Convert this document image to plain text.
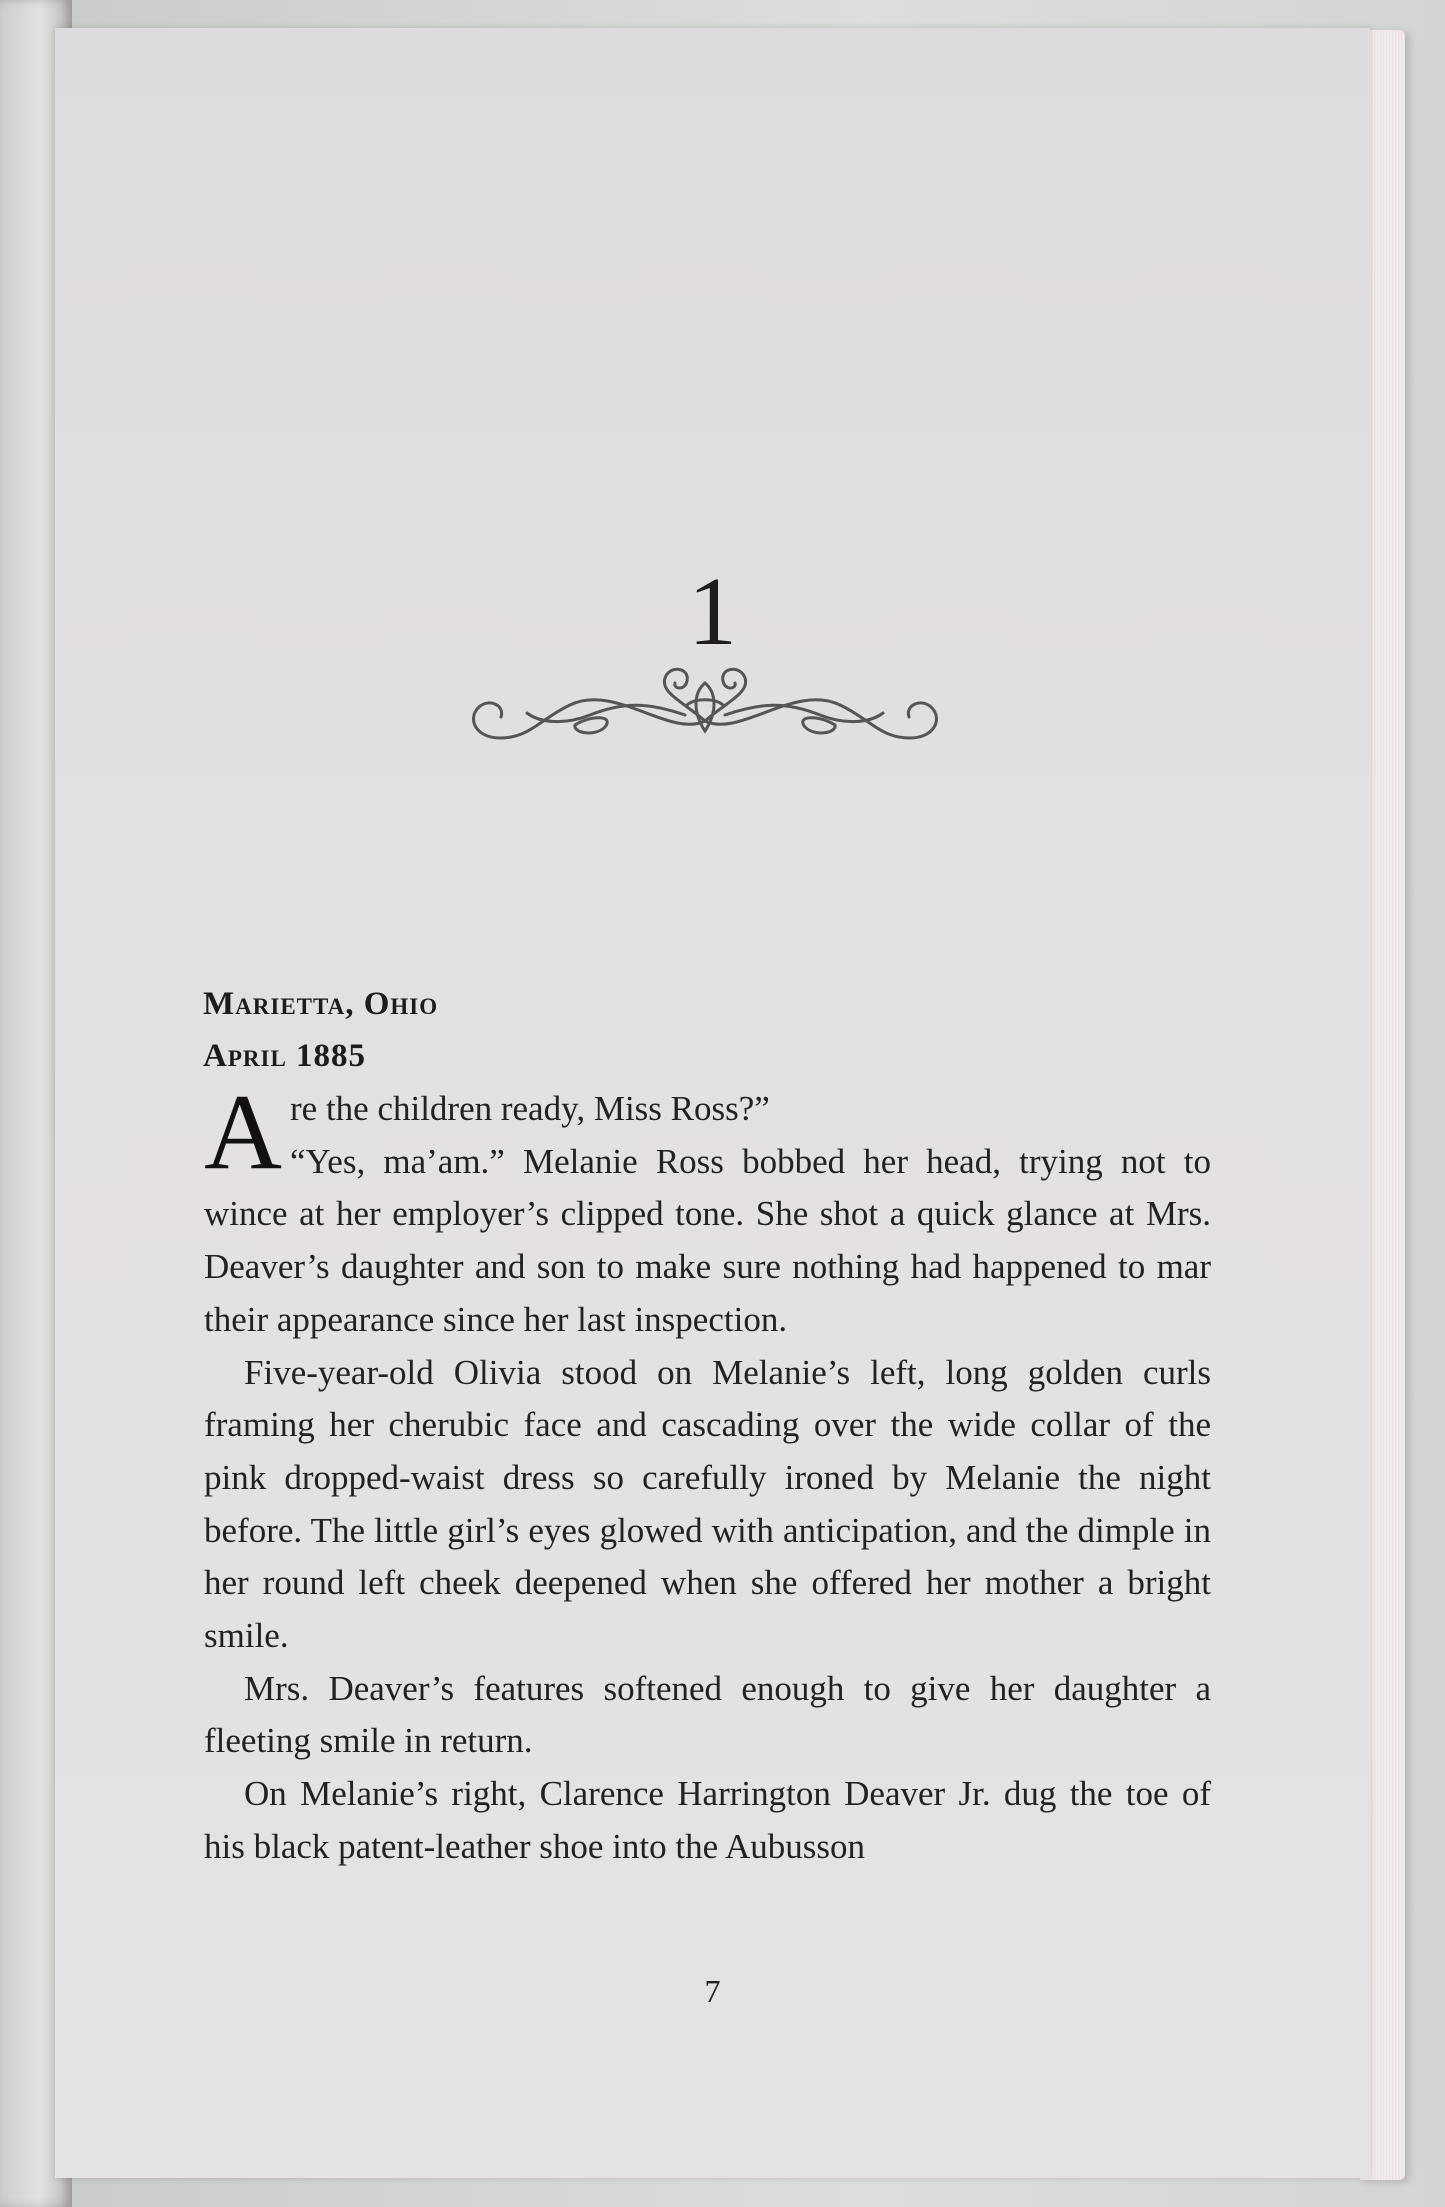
1
Marietta, Ohio
April 1885

Are the children ready, Miss Ross?”

“Yes, ma’am.” Melanie Ross bobbed her head, trying not to wince at her employer’s clipped tone. She shot a quick glance at Mrs. Deaver’s daughter and son to make sure nothing had happened to mar their appearance since her last inspection.

Five-year-old Olivia stood on Melanie’s left, long golden curls framing her cherubic face and cascading over the wide collar of the pink dropped-waist dress so carefully ironed by Melanie the night before. The little girl’s eyes glowed with anticipation, and the dimple in her round left cheek deepened when she offered her mother a bright smile.

Mrs. Deaver’s features softened enough to give her daughter a fleeting smile in return.

On Melanie’s right, Clarence Harrington Deaver Jr. dug the toe of his black patent-leather shoe into the Aubusson

7
